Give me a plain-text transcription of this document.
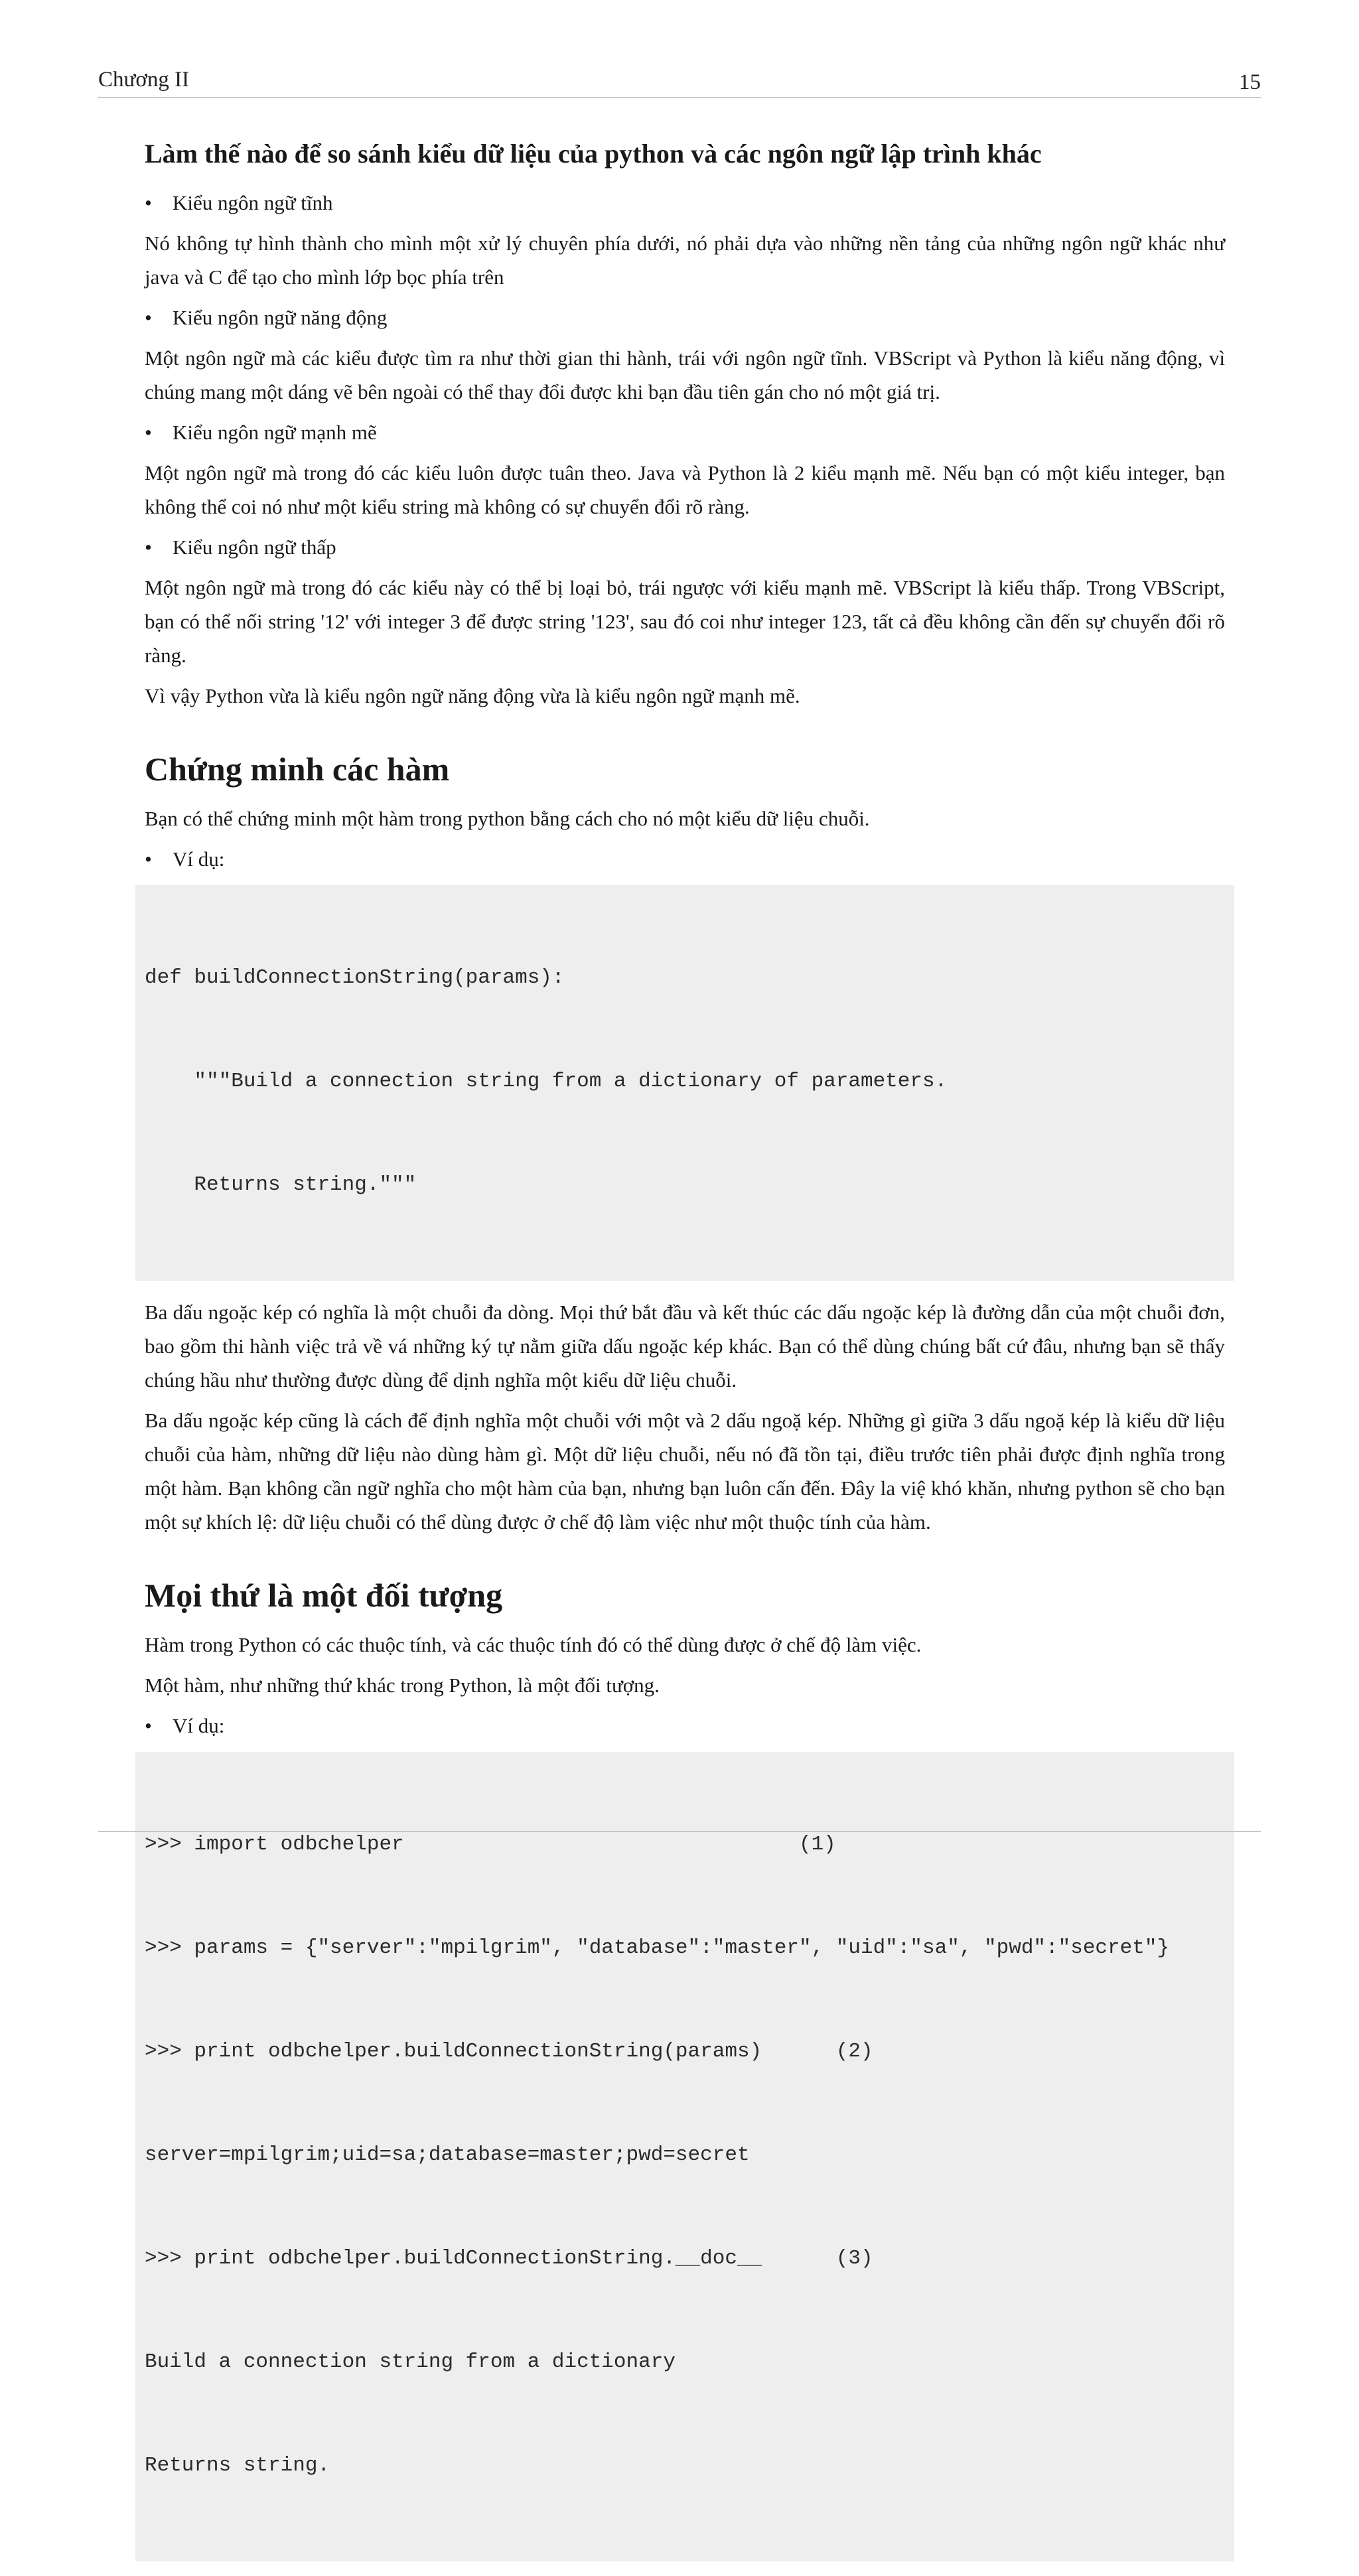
Chương II	15
Làm thế nào để so sánh kiểu dữ liệu của python và các ngôn ngữ lập trình khác
•	Kiểu ngôn ngữ tĩnh

Nó không tự hình thành cho mình một xử lý chuyên phía dưới, nó phải dựa vào những nền tảng của những ngôn ngữ khác như java và C để tạo cho mình lớp bọc phía trên

•	Kiểu ngôn ngữ năng động

Một ngôn ngữ mà các kiểu được tìm ra như thời gian thi hành, trái với ngôn ngữ tĩnh. VBScript và Python là kiểu năng động, vì chúng mang một dáng vẽ bên ngoài có thể thay đổi được khi bạn đầu tiên gán cho nó một giá trị.

•	Kiểu ngôn ngữ mạnh mẽ

Một ngôn ngữ mà trong đó các kiểu luôn được tuân theo. Java và Python là 2 kiểu mạnh mẽ. Nếu bạn có một kiểu integer, bạn không thể coi nó như một kiểu string mà không có sự chuyển đổi rõ ràng.

•	Kiểu ngôn ngữ thấp

Một ngôn ngữ mà trong đó các kiểu này có thể bị loại bỏ, trái ngược với kiểu mạnh mẽ. VBScript là kiểu thấp. Trong VBScript, bạn có thể nối string '12' với integer 3 để được string '123', sau đó coi như integer 123, tất cả đều không cần đến sự chuyển đổi rõ ràng.

Vì vậy Python vừa là kiểu ngôn ngữ năng động vừa là kiểu ngôn ngữ mạnh mẽ.

Chứng minh các hàm

Bạn có thể chứng minh một hàm trong python bằng cách cho nó một kiểu dữ liệu chuỗi.

•	Ví dụ:

def buildConnectionString(params):

"""Build a connection string from a dictionary of parameters.

Returns string."""

Ba dấu ngoặc kép có nghĩa là một chuỗi đa dòng. Mọi thứ bắt đầu và kết thúc các dấu ngoặc kép là đường dẫn của một chuỗi đơn, bao gồm thi hành việc trả về vá những ký tự nằm giữa dấu ngoặc kép khác. Bạn có thể dùng chúng bất cứ đâu, nhưng bạn sẽ thấy chúng hầu như thường được dùng để dịnh nghĩa một kiểu dữ liệu chuỗi.

Ba dấu ngoặc kép cũng là cách để định nghĩa một chuỗi với một và 2 dấu ngoặ kép. Những gì giữa 3 dấu ngoặ kép là kiểu dữ liệu chuỗi của hàm, những dữ liệu nào dùng hàm gì. Một dữ liệu chuỗi, nếu nó đã tồn tại, điều trước tiên phải được định nghĩa trong một hàm. Bạn không cần ngữ nghĩa cho một hàm của bạn, nhưng bạn luôn cấn đến. Đây la việ khó khăn, nhưng python sẽ cho bạn một sự khích lệ: dữ liệu chuỗi có thể dùng được ở chế độ làm việc như một thuộc tính của hàm.

Mọi thứ là một đối tượng

Hàm trong Python có các thuộc tính, và các thuộc tính đó có thể dùng được ở chế độ làm việc.

Một hàm, như những thứ khác trong Python, là một đối tượng.

•	Ví dụ:

>>> import odbchelper                                (1)

>>> params = {"server":"mpilgrim", "database":"master", "uid":"sa", "pwd":"secret"}

>>> print odbchelper.buildConnectionString(params)      (2)

server=mpilgrim;uid=sa;database=master;pwd=secret

>>> print odbchelper.buildConnectionString.__doc__      (3)

Build a connection string from a dictionary

Returns string.
